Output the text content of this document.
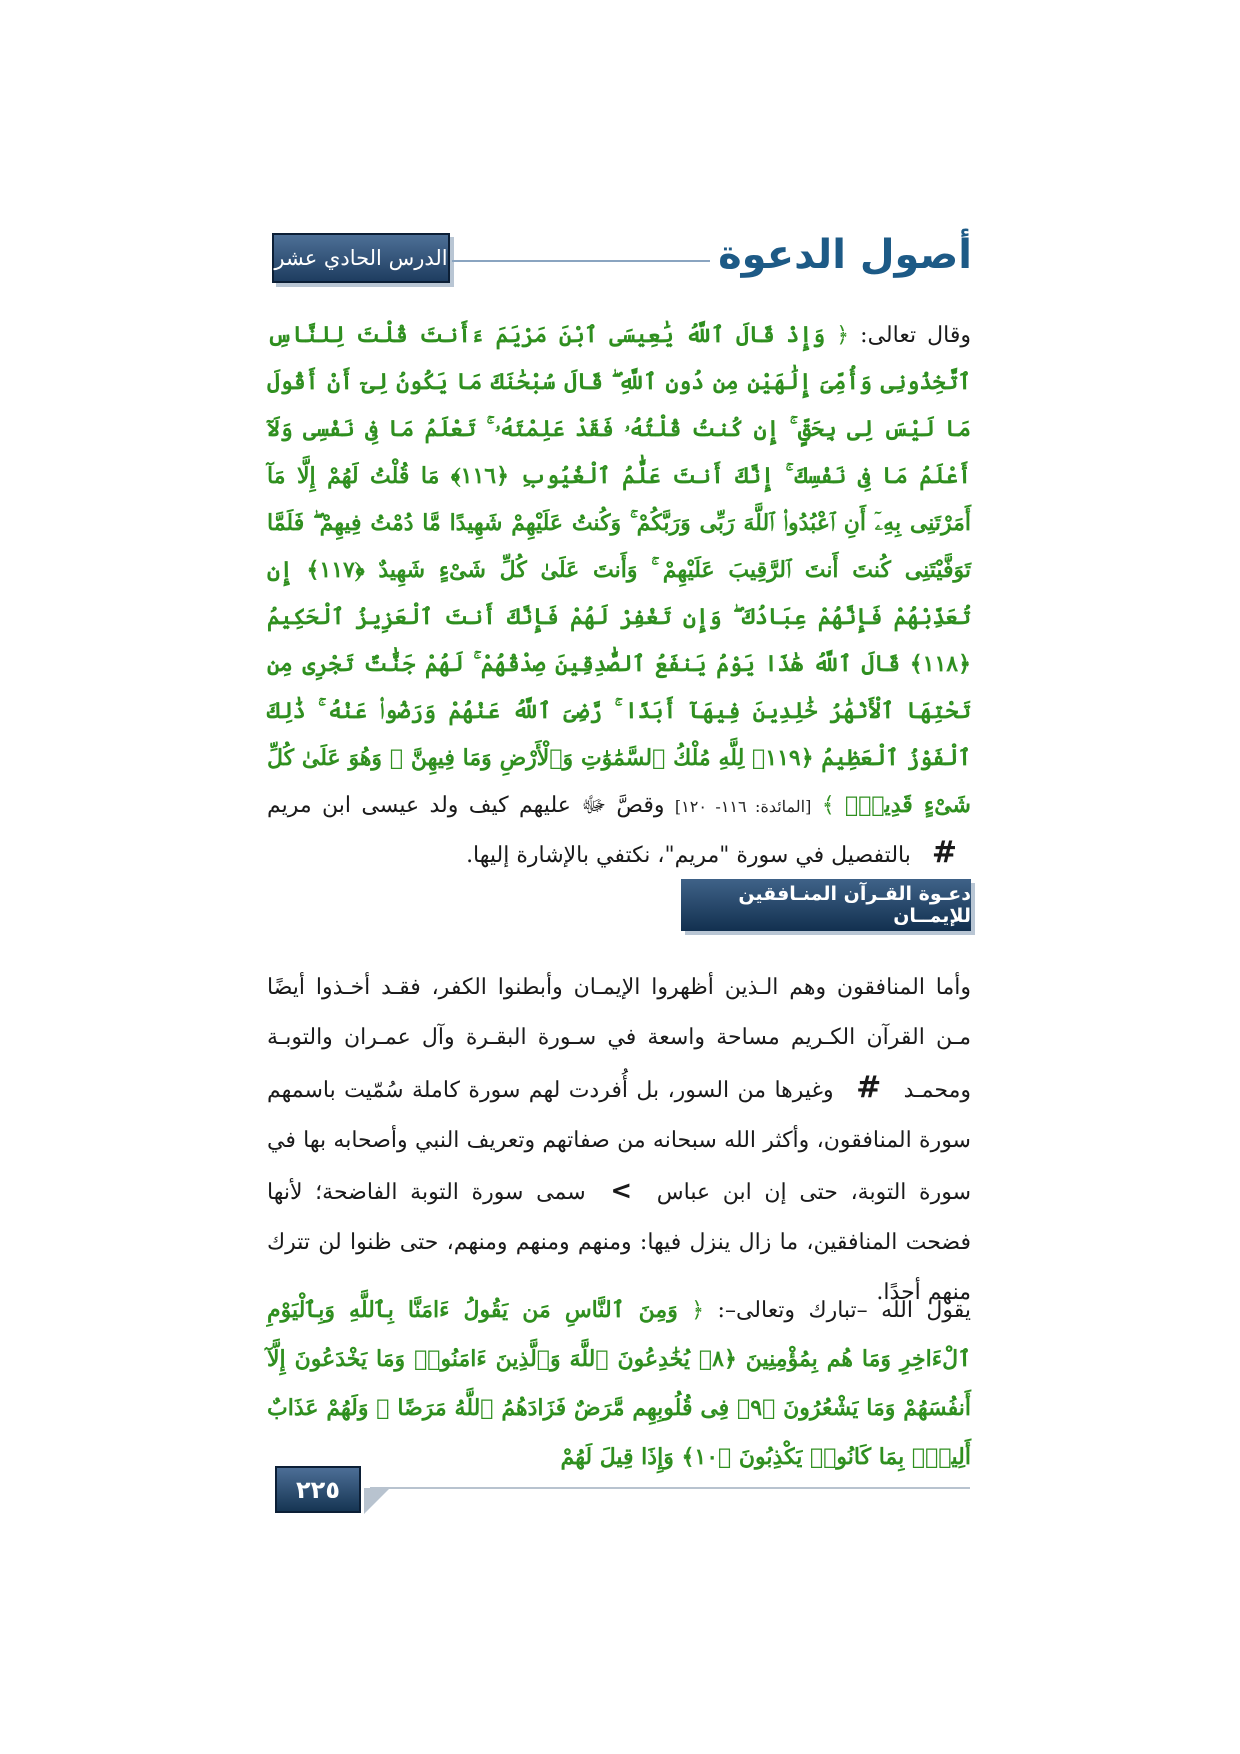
الدرس الحادي عشر	أصول الدعوة
وقال تعالى: ﴿ وَإِذْ قَالَ ٱللَّهُ يَٰعِيسَى ٱبْنَ مَرْيَمَ ءَأَنتَ قُلْتَ لِلنَّاسِ ٱتَّخِذُونِى وَأُمِّىَ إِلَٰهَيْنِ مِن دُونِ ٱللَّهِ ۖ قَالَ سُبْحَٰنَكَ مَا يَكُونُ لِىٓ أَنْ أَقُولَ مَا لَيْسَ لِى بِحَقٍّ ۚ إِن كُنتُ قُلْتُهُۥ فَقَدْ عَلِمْتَهُۥ ۚ تَعْلَمُ مَا فِى نَفْسِى وَلَآ أَعْلَمُ مَا فِى نَفْسِكَ ۚ إِنَّكَ أَنتَ عَلَّٰمُ ٱلْغُيُوبِ ﴿١١٦﴾ مَا قُلْتُ لَهُمْ إِلَّا مَآ أَمَرْتَنِى بِهِۦٓ أَنِ ٱعْبُدُوا۟ ٱللَّهَ رَبِّى وَرَبَّكُمْ ۚ وَكُنتُ عَلَيْهِمْ شَهِيدًا مَّا دُمْتُ فِيهِمْ ۖ فَلَمَّا تَوَفَّيْتَنِى كُنتَ أَنتَ ٱلرَّقِيبَ عَلَيْهِمْ ۚ وَأَنتَ عَلَىٰ كُلِّ شَىْءٍ شَهِيدٌ ﴿١١٧﴾ إِن تُعَذِّبْهُمْ فَإِنَّهُمْ عِبَادُكَ ۖ وَإِن تَغْفِرْ لَهُمْ فَإِنَّكَ أَنتَ ٱلْعَزِيزُ ٱلْحَكِيمُ ﴿١١٨﴾ قَالَ ٱللَّهُ هَٰذَا يَوْمُ يَنفَعُ ٱلصَّٰدِقِينَ صِدْقُهُمْ ۚ لَهُمْ جَنَّٰتٌ تَجْرِى مِن تَحْتِهَا ٱلْأَنْهَٰرُ خَٰلِدِينَ فِيهَآ أَبَدًا ۚ رَّضِىَ ٱللَّهُ عَنْهُمْ وَرَضُوا۟ عَنْهُ ۚ ذَٰلِكَ ٱلْفَوْزُ ٱلْعَظِيمُ ﴿١١٩﴾ لِلَّهِ مُلْكُ ٱلسَّمَٰوَٰتِ وَٱلْأَرْضِ وَمَا فِيهِنَّ ۚ وَهُوَ عَلَىٰ كُلِّ شَىْءٍ قَدِيرٌۢ ﴾ [المائدة: ١١٦- ١٢٠] وقصَّ ﷻ عليهم كيف ولد عيسى ابن مريم # بالتفصيل في سورة "مريم"، نكتفي بالإشارة إليها.
دعـوة القـرآن المنـافقين للإيمــان
وأما المنافقون وهم الـذين أظهروا الإيمـان وأبطنوا الكفر، فقـد أخـذوا أيضًا مـن القرآن الكـريم مساحة واسعة في سـورة البقـرة وآل عمـران والتوبـة ومحمـد # وغيرها من السور، بل أُفردت لهم سورة كاملة سُمّيت باسمهم سورة المنافقون، وأكثر الله سبحانه من صفاتهم وتعريف النبي وأصحابه بها في سورة التوبة، حتى إن ابن عباس > سمى سورة التوبة الفاضحة؛ لأنها فضحت المنافقين، ما زال ينزل فيها: ومنهم ومنهم ومنهم، حتى ظنوا لن تترك منهم أحدًا.
يقول الله –تبارك وتعالى–: ﴿ وَمِنَ ٱلنَّاسِ مَن يَقُولُ ءَامَنَّا بِٱللَّهِ وَبِٱلْيَوْمِ ٱلْءَاخِرِ وَمَا هُم بِمُؤْمِنِينَ ﴿٨﴾ يُخَٰدِعُونَ ٱللَّهَ وَٱلَّذِينَ ءَامَنُوا۟ وَمَا يَخْدَعُونَ إِلَّآ أَنفُسَهُمْ وَمَا يَشْعُرُونَ ﴿٩﴾ فِى قُلُوبِهِم مَّرَضٌ فَزَادَهُمُ ٱللَّهُ مَرَضًا ۖ وَلَهُمْ عَذَابٌ أَلِيمٌۢ بِمَا كَانُوا۟ يَكْذِبُونَ ﴿١٠﴾ وَإِذَا قِيلَ لَهُمْ
٢٢٥
